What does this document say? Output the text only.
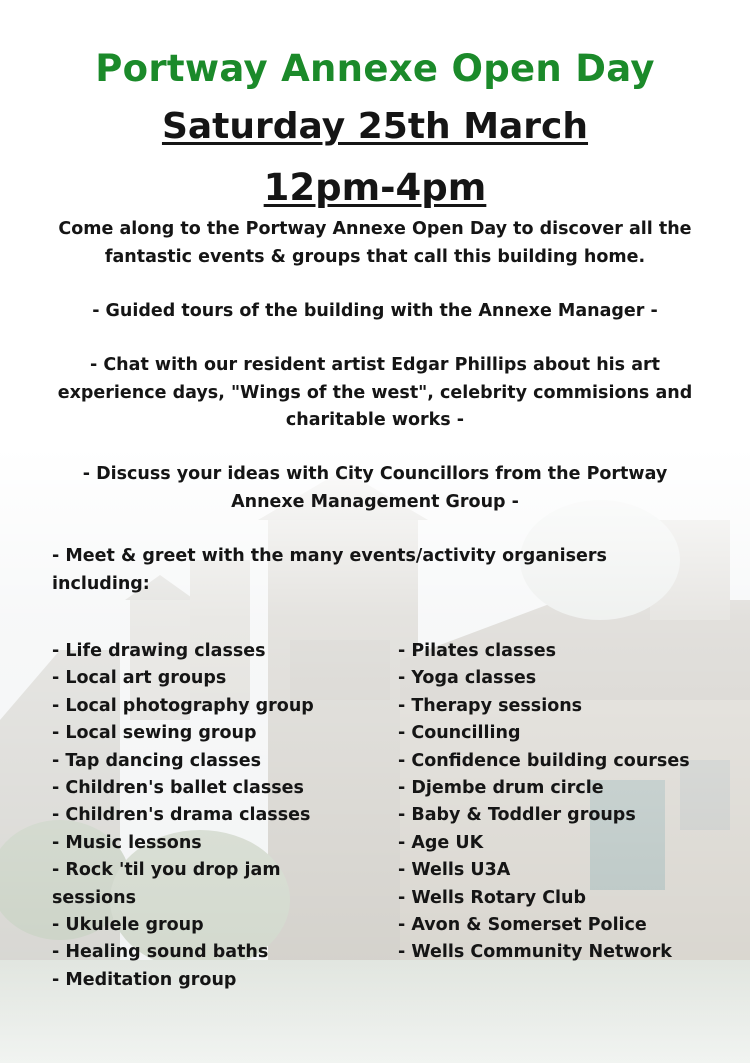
Portway Annexe Open Day
Saturday 25th March
12pm-4pm

Come along to the Portway Annexe Open Day to discover all the
fantastic events & groups that call this building home.

- Guided tours of the building with the Annexe Manager -

- Chat with our resident artist Edgar Phillips about his art
experience days, "Wings of the west", celebrity commisions and
charitable works -

- Discuss your ideas with City Councillors from the Portway
Annexe Management Group -

- Meet & greet with the many events/activity organisers
including:

- Life drawing classes
- Local art groups
- Local photography group
- Local sewing group
- Tap dancing classes
- Children's ballet classes
- Children's drama classes
- Music lessons
- Rock 'til you drop jam
sessions
- Ukulele group
- Healing sound baths
- Meditation group
- Pilates classes
- Yoga classes
- Therapy sessions
- Councilling
- Confidence building courses
- Djembe drum circle
- Baby & Toddler groups
- Age UK
- Wells U3A
- Wells Rotary Club
- Avon & Somerset Police
- Wells Community Network
